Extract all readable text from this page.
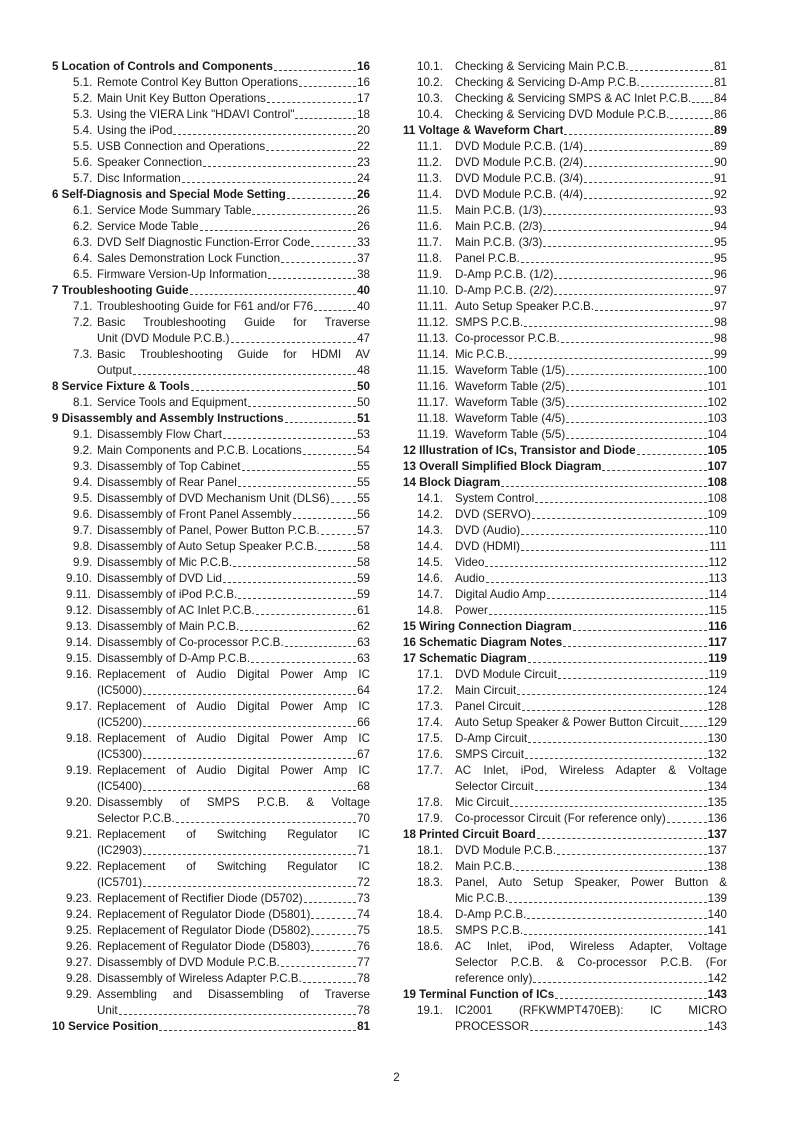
5 Location of Controls and Components	16
5.1. Remote Control Key Button Operations	16
5.2. Main Unit Key Button Operations	17
5.3. Using the VIERA Link "HDAVI Control"	18
5.4. Using the iPod	20
5.5. USB Connection and Operations	22
5.6. Speaker Connection	23
5.7. Disc Information	24
6 Self-Diagnosis and Special Mode Setting	26
6.1. Service Mode Summary Table	26
6.2. Service Mode Table	26
6.3. DVD Self Diagnostic Function-Error Code	33
6.4. Sales Demonstration Lock Function	37
6.5. Firmware Version-Up Information	38
7 Troubleshooting Guide	40
7.1. Troubleshooting Guide for F61 and/or F76	40
7.2. Basic Troubleshooting Guide for Traverse
Unit (DVD Module P.C.B.)	47
7.3. Basic Troubleshooting Guide for HDMI AV
Output	48
8 Service Fixture & Tools	50
8.1. Service Tools and Equipment	50
9 Disassembly and Assembly Instructions	51
9.1. Disassembly Flow Chart	53
9.2. Main Components and P.C.B. Locations	54
9.3. Disassembly of Top Cabinet	55
9.4. Disassembly of Rear Panel	55
9.5. Disassembly of DVD Mechanism Unit (DLS6) 55
9.6. Disassembly of Front Panel Assembly	56
9.7. Disassembly of Panel, Power Button P.C.B.	57
9.8. Disassembly of Auto Setup Speaker P.C.B.	58
9.9. Disassembly of Mic P.C.B.	58
9.10. Disassembly of DVD Lid	59
9.11. Disassembly of iPod P.C.B.	59
9.12. Disassembly of AC Inlet P.C.B.	61
9.13. Disassembly of Main P.C.B.	62
9.14. Disassembly of Co-processor P.C.B.	63
9.15. Disassembly of D-Amp P.C.B.	63
9.16. Replacement of Audio Digital Power Amp IC
(IC5000)	64
9.17. Replacement of Audio Digital Power Amp IC
(IC5200)	66
9.18. Replacement of Audio Digital Power Amp IC
(IC5300)	67
9.19. Replacement of Audio Digital Power Amp IC
(IC5400)	68
9.20. Disassembly of SMPS P.C.B. & Voltage
Selector P.C.B.	70
9.21. Replacement of Switching Regulator IC
(IC2903)	71
9.22. Replacement of Switching Regulator IC
(IC5701)	72
9.23. Replacement of Rectifier Diode (D5702)	73
9.24. Replacement of Regulator Diode (D5801)	74
9.25. Replacement of Regulator Diode (D5802)	75
9.26. Replacement of Regulator Diode (D5803)	76
9.27. Disassembly of DVD Module P.C.B.	77
9.28. Disassembly of Wireless Adapter P.C.B.	78
9.29. Assembling and Disassembling of Traverse
Unit	78
10 Service Position	81
10.1.	Checking & Servicing Main P.C.B.	81
10.2.	Checking & Servicing D-Amp P.C.B.	81
10.3.	Checking & Servicing SMPS & AC Inlet P.C.B. 84
10.4.	Checking & Servicing DVD Module P.C.B.	86
11 Voltage & Waveform Chart	89
11.1.	DVD Module P.C.B. (1/4)	89
11.2.	DVD Module P.C.B. (2/4)	90
11.3.	DVD Module P.C.B. (3/4)	91
11.4.	DVD Module P.C.B. (4/4)	92
11.5.	Main P.C.B. (1/3)	93
11.6.	Main P.C.B. (2/3)	94
11.7.	Main P.C.B. (3/3)	95
11.8.	Panel P.C.B.	95
11.9.	D-Amp P.C.B. (1/2)	96
11.10. D-Amp P.C.B. (2/2)	97
11.11. Auto Setup Speaker P.C.B.	97
11.12. SMPS P.C.B.	98
11.13. Co-processor P.C.B.	98
11.14. Mic P.C.B.	99
11.15. Waveform Table (1/5)	100
11.16. Waveform Table (2/5)	101
11.17. Waveform Table (3/5)	102
11.18. Waveform Table (4/5)	103
11.19. Waveform Table (5/5)	104
12 Illustration of ICs, Transistor and Diode	105
13 Overall Simplified Block Diagram	107
14 Block Diagram	108
14.1.	System Control	108
14.2.	DVD (SERVO)	109
14.3.	DVD (Audio)	110
14.4.	DVD (HDMI)	111
14.5.	Video	112
14.6.	Audio	113
14.7.	Digital Audio Amp	114
14.8.	Power	115
15 Wiring Connection Diagram	116
16 Schematic Diagram Notes	117
17 Schematic Diagram	119
17.1.	DVD Module Circuit	119
17.2.	Main Circuit	124
17.3.	Panel Circuit	128
17.4.	Auto Setup Speaker & Power Button Circuit	129
17.5.	D-Amp Circuit	130
17.6.	SMPS Circuit	132
17.7.	AC Inlet, iPod, Wireless Adapter & Voltage
Selector Circuit	134
17.8.	Mic Circuit	135
17.9.	Co-processor Circuit (For reference only)	136
18 Printed Circuit Board	137
18.1.	DVD Module P.C.B.	137
18.2.	Main P.C.B.	138
18.3.	Panel, Auto Setup Speaker, Power Button &
Mic P.C.B.	139
18.4.	D-Amp P.C.B.	140
18.5.	SMPS P.C.B.	141
18.6.	AC Inlet, iPod, Wireless Adapter, Voltage
Selector P.C.B. & Co-processor P.C.B. (For
reference only)	142
19 Terminal Function of ICs	143
19.1.	IC2001 (RFKWMPT470EB): IC MICRO
PROCESSOR	143
2
